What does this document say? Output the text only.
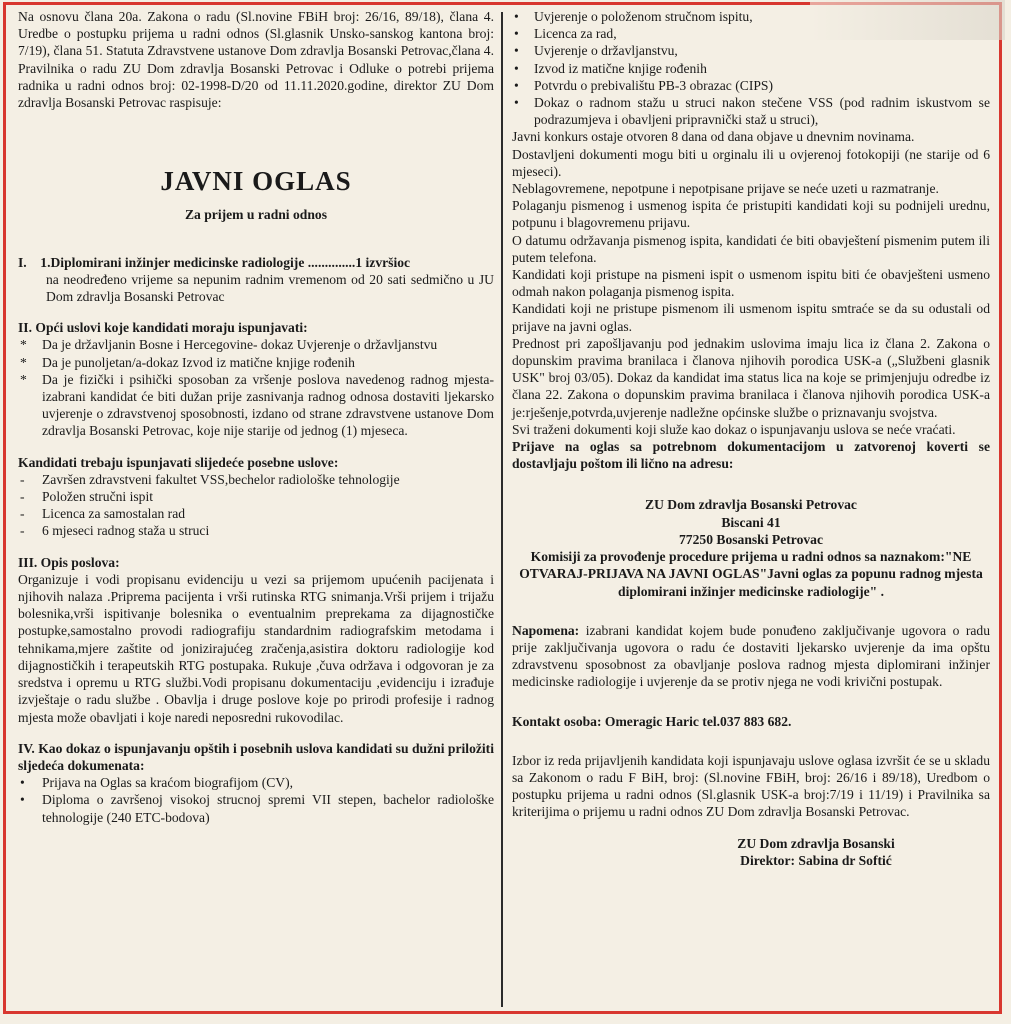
Na osnovu člana 20a. Zakona o radu (Sl.novine FBiH broj: 26/16, 89/18), člana 4. Uredbe o postupku prijema u radni odnos (Sl.glasnik Unsko-sanskog kantona broj: 7/19), člana 51. Statuta Zdravstvene ustanove Dom zdravlja Bosanski Petrovac,člana 4. Pravilnika o radu ZU Dom zdravlja Bosanski Petrovac i Odluke o potrebi prijema radnika u radni odnos broj: 02-1998-D/20 od 11.11.2020.godine, direktor ZU Dom zdravlja Bosanski Petrovac raspisuje:

JAVNI OGLAS
Za prijem u radni odnos

I. 1.Diplomirani inžinjer medicinske radiologije ..............1 izvršioc

na neodređeno vrijeme sa nepunim radnim vremenom od 20 sati sedmično u JU Dom zdravlja Bosanski Petrovac

II. Opći uslovi koje kandidati moraju ispunjavati:

* Da je državljanin Bosne i Hercegovine- dokaz Uvjerenje o državljanstvu
* Da je punoljetan/a-dokaz Izvod iz matične knjige rođenih
* Da je fizički i psihički sposoban za vršenje poslova navedenog radnog mjesta-izabrani kandidat će biti dužan prije zasnivanja radnog odnosa dostaviti ljekarsko uvjerenje o zdravstvenoj sposobnosti, izdano od strane zdravstvene ustanove Dom zdravlja Bosanski Petrovac, koje nije starije od jednog (1) mjeseca.

Kandidati trebaju ispunjavati slijedeće posebne uslove:

- Završen zdravstveni fakultet VSS,bechelor radiološke tehnologije
- Položen stručni ispit
- Licenca za samostalan rad
- 6 mjeseci radnog staža u struci

III. Opis poslova:

Organizuje i vodi propisanu evidenciju u vezi sa prijemom upućenih pacijenata i njihovih nalaza .Priprema pacijenta i vrši rutinska RTG snimanja.Vrši prijem i trijažu bolesnika,vrši ispitivanje bolesnika o eventualnim preprekama za dijagnostičke postupke,samostalno provodi radiografiju standardnim radiografskim metodama i tehnikama,mjere zaštite od jonizirajućeg zračenja,asistira doktoru radiologije kod dijagnostičkih i terapeutskih RTG postupaka. Rukuje ,čuva održava i odgovoran je za sredstva i opremu u RTG službi.Vodi propisanu dokumentaciju ,evidenciju i izrađuje izvještaje o radu službe . Obavlja i druge poslove koje po prirodi profesije i radnog mjesta može obavljati i koje naredi neposredni rukovodilac.

IV. Kao dokaz o ispunjavanju opštih i posebnih uslova kandidati su dužni priložiti sljedeća dokumenata:

• Prijava na Oglas sa kraćom biografijom (CV),
• Diploma o završenoj visokoj strucnoj spremi VII stepen, bachelor radiološke tehnologije (240 ETC-bodova)
• Uvjerenje o položenom stručnom ispitu,
• Licenca za rad,
• Uvjerenje o državljanstvu,
• Izvod iz matične knjige rođenih
• Potvrdu o prebivalištu PB-3 obrazac (CIPS)
• Dokaz o radnom stažu u struci nakon stečene VSS (pod radnim iskustvom se podrazumjeva i obavljeni pripravnički staž u struci),

Javni konkurs ostaje otvoren 8 dana od dana objave u dnevnim novinama.

Dostavljeni dokumenti mogu biti u orginalu ili u ovjerenoj fotokopiji (ne starije od 6 mjeseci).

Neblagovremene, nepotpune i nepotpisane prijave se neće uzeti u razmatranje.

Polaganju pismenog i usmenog ispita će pristupiti kandidati koji su podnijeli urednu, potpunu i blagovremenu prijavu.

O datumu održavanja pismenog ispita, kandidati će biti obavještení pismenim putem ili putem telefona.

Kandidati koji pristupe na pismeni ispit o usmenom ispitu biti će obavješteni usmeno odmah nakon polaganja pismenog ispita.

Kandidati koji ne pristupe pismenom ili usmenom ispitu smtraće se da su odustali od prijave na javni oglas.

Prednost pri zapošljavanju pod jednakim uslovima imaju lica iz člana 2. Zakona o dopunskim pravima branilaca i članova njihovih porodica USK-a („Službeni glasnik USK" broj 03/05). Dokaz da kandidat ima status lica na koje se primjenjuju odredbe iz člana 22. Zakona o dopunskim pravima branilaca i članova njihovih porodica USK-a je:rješenje,potvrda,uvjerenje nadležne općinske službe o priznavanju svojstva.

Svi traženi dokumenti koji služe kao dokaz o ispunjavanju uslova se neće vraćati.

Prijave na oglas sa potrebnom dokumentacijom u zatvorenoj koverti se dostavljaju poštom ili lično na adresu:

ZU Dom zdravlja Bosanski Petrovac
Biscani 41
77250 Bosanski Petrovac
Komisiji za provođenje procedure prijema u radni odnos sa naznakom:"NE OTVARAJ-PRIJAVA NA JAVNI OGLAS"Javni oglas za popunu radnog mjesta diplomirani inžinjer medicinske radiologije" .

Napomena: izabrani kandidat kojem bude ponuđeno zaključivanje ugovora o radu prije zaključivanja ugovora o radu će dostaviti ljekarsko uvjerenje da ima opštu zdravstvenu sposobnost za obavljanje poslova radnog mjesta diplomirani inžinjer medicinske radiologije i uvjerenje da se protiv njega ne vodi krivični postupak.

Kontakt osoba: Omeragic Haric tel.037 883 682.

Izbor iz reda prijavljenih kandidata koji ispunjavaju uslove oglasa izvršit će se u skladu sa Zakonom o radu F BiH, broj: (Sl.novine FBiH, broj: 26/16 i 89/18), Uredbom o postupku prijema u radni odnos (Sl.glasnik USK-a broj:7/19 i 11/19) i Pravilnika sa kriterijima o prijemu u radni odnos ZU Dom zdravlja Bosanski Petrovac.

ZU Dom zdravlja Bosanski
Direktor: Sabina dr Softić
